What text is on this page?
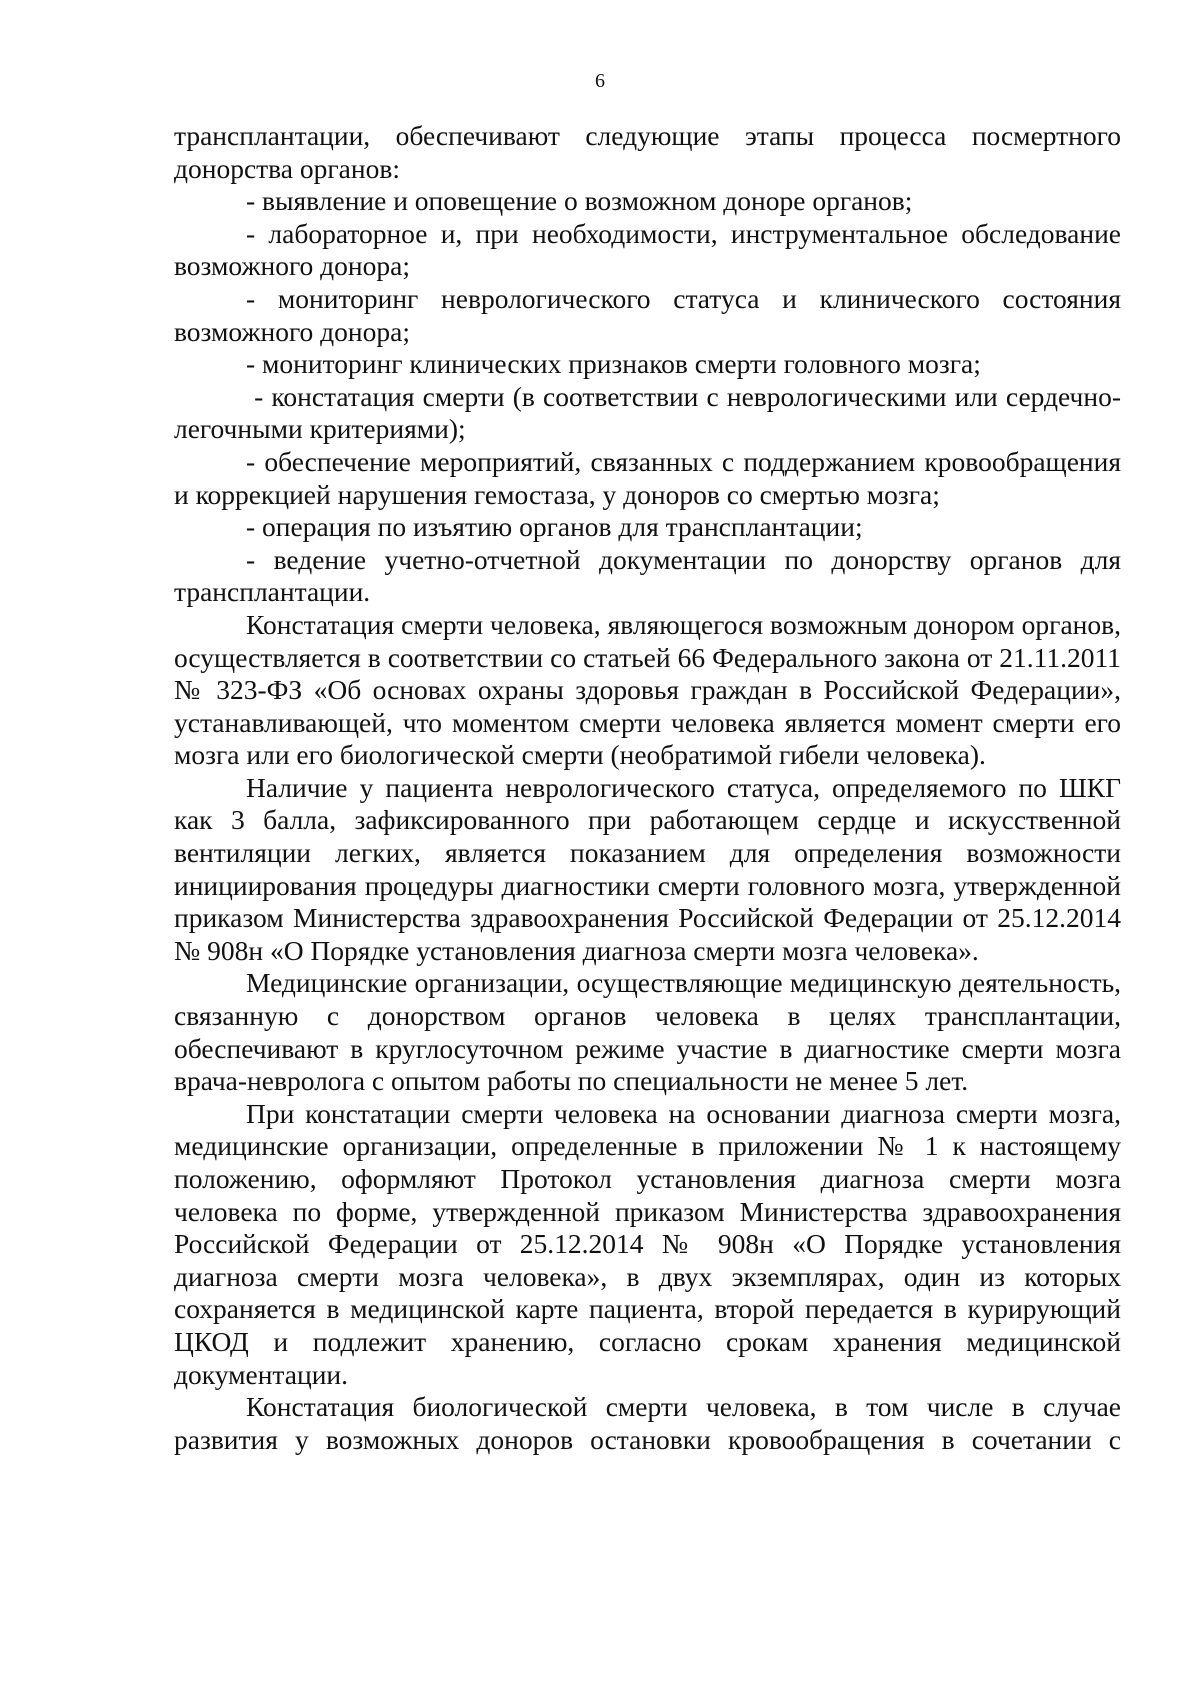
6

трансплантации, обеспечивают следующие этапы процесса посмертного донорства органов:

- выявление и оповещение о возможном доноре органов;

- лабораторное и, при необходимости, инструментальное обследование возможного донора;

- мониторинг неврологического статуса и клинического состояния возможного донора;

- мониторинг клинических признаков смерти головного мозга;

- констатация смерти (в соответствии с неврологическими или сердечно-легочными критериями);

- обеспечение мероприятий, связанных с поддержанием кровообращения и коррекцией нарушения гемостаза, у доноров со смертью мозга;

- операция по изъятию органов для трансплантации;

- ведение учетно-отчетной документации по донорству органов для трансплантации.

Констатация смерти человека, являющегося возможным донором органов, осуществляется в соответствии со статьей 66 Федерального закона от 21.11.2011 № 323-ФЗ «Об основах охраны здоровья граждан в Российской Федерации», устанавливающей, что моментом смерти человека является момент смерти его мозга или его биологической смерти (необратимой гибели человека).

Наличие у пациента неврологического статуса, определяемого по ШКГ как 3 балла, зафиксированного при работающем сердце и искусственной вентиляции легких, является показанием для определения возможности инициирования процедуры диагностики смерти головного мозга, утвержденной приказом Министерства здравоохранения Российской Федерации от 25.12.2014 № 908н «О Порядке установления диагноза смерти мозга человека».

Медицинские организации, осуществляющие медицинскую деятельность, связанную с донорством органов человека в целях трансплантации, обеспечивают в круглосуточном режиме участие в диагностике смерти мозга врача-невролога с опытом работы по специальности не менее 5 лет.

При констатации смерти человека на основании диагноза смерти мозга, медицинские организации, определенные в приложении № 1 к настоящему положению, оформляют Протокол установления диагноза смерти мозга человека по форме, утвержденной приказом Министерства здравоохранения Российской Федерации от 25.12.2014 № 908н «О Порядке установления диагноза смерти мозга человека», в двух экземплярах, один из которых сохраняется в медицинской карте пациента, второй передается в курирующий ЦКОД и подлежит хранению, согласно срокам хранения медицинской документации.

Констатация биологической смерти человека, в том числе в случае развития у возможных доноров остановки кровообращения в сочетании с
